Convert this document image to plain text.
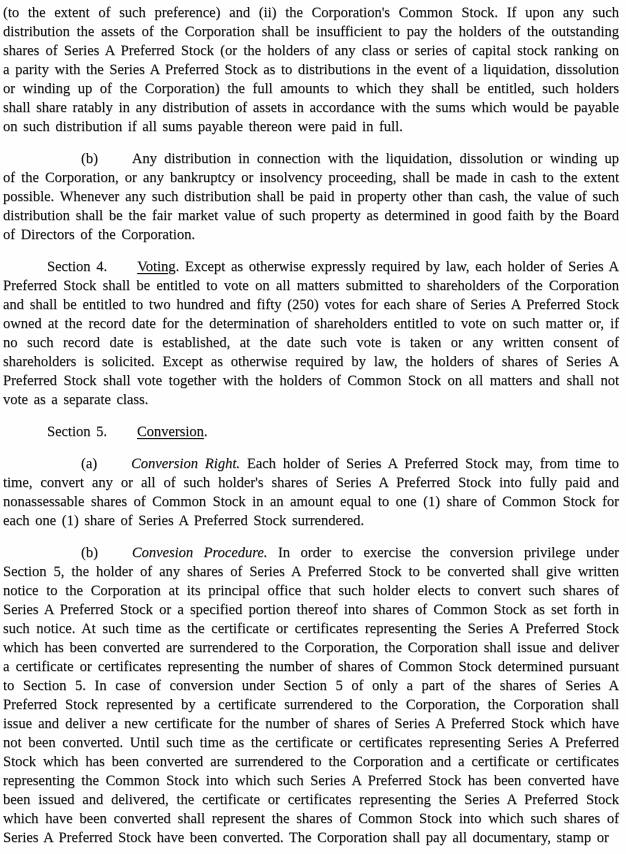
(to the extent of such preference) and (ii) the Corporation's Common Stock. If upon any such distribution the assets of the Corporation shall be insufficient to pay the holders of the outstanding shares of Series A Preferred Stock (or the holders of any class or series of capital stock ranking on a parity with the Series A Preferred Stock as to distributions in the event of a liquidation, dissolution or winding up of the Corporation) the full amounts to which they shall be entitled, such holders shall share ratably in any distribution of assets in accordance with the sums which would be payable on such distribution if all sums payable thereon were paid in full.

(b) Any distribution in connection with the liquidation, dissolution or winding up of the Corporation, or any bankruptcy or insolvency proceeding, shall be made in cash to the extent possible. Whenever any such distribution shall be paid in property other than cash, the value of such distribution shall be the fair market value of such property as determined in good faith by the Board of Directors of the Corporation.

Section 4. Voting. Except as otherwise expressly required by law, each holder of Series A Preferred Stock shall be entitled to vote on all matters submitted to shareholders of the Corporation and shall be entitled to two hundred and fifty (250) votes for each share of Series A Preferred Stock owned at the record date for the determination of shareholders entitled to vote on such matter or, if no such record date is established, at the date such vote is taken or any written consent of shareholders is solicited. Except as otherwise required by law, the holders of shares of Series A Preferred Stock shall vote together with the holders of Common Stock on all matters and shall not vote as a separate class.

Section 5. Conversion.

(a) Conversion Right. Each holder of Series A Preferred Stock may, from time to time, convert any or all of such holder's shares of Series A Preferred Stock into fully paid and nonassessable shares of Common Stock in an amount equal to one (1) share of Common Stock for each one (1) share of Series A Preferred Stock surrendered.

(b) Convesion Procedure. In order to exercise the conversion privilege under Section 5, the holder of any shares of Series A Preferred Stock to be converted shall give written notice to the Corporation at its principal office that such holder elects to convert such shares of Series A Preferred Stock or a specified portion thereof into shares of Common Stock as set forth in such notice. At such time as the certificate or certificates representing the Series A Preferred Stock which has been converted are surrendered to the Corporation, the Corporation shall issue and deliver a certificate or certificates representing the number of shares of Common Stock determined pursuant to Section 5. In case of conversion under Section 5 of only a part of the shares of Series A Preferred Stock represented by a certificate surrendered to the Corporation, the Corporation shall issue and deliver a new certificate for the number of shares of Series A Preferred Stock which have not been converted. Until such time as the certificate or certificates representing Series A Preferred Stock which has been converted are surrendered to the Corporation and a certificate or certificates representing the Common Stock into which such Series A Preferred Stock has been converted have been issued and delivered, the certificate or certificates representing the Series A Preferred Stock which have been converted shall represent the shares of Common Stock into which such shares of Series A Preferred Stock have been converted. The Corporation shall pay all documentary, stamp or
